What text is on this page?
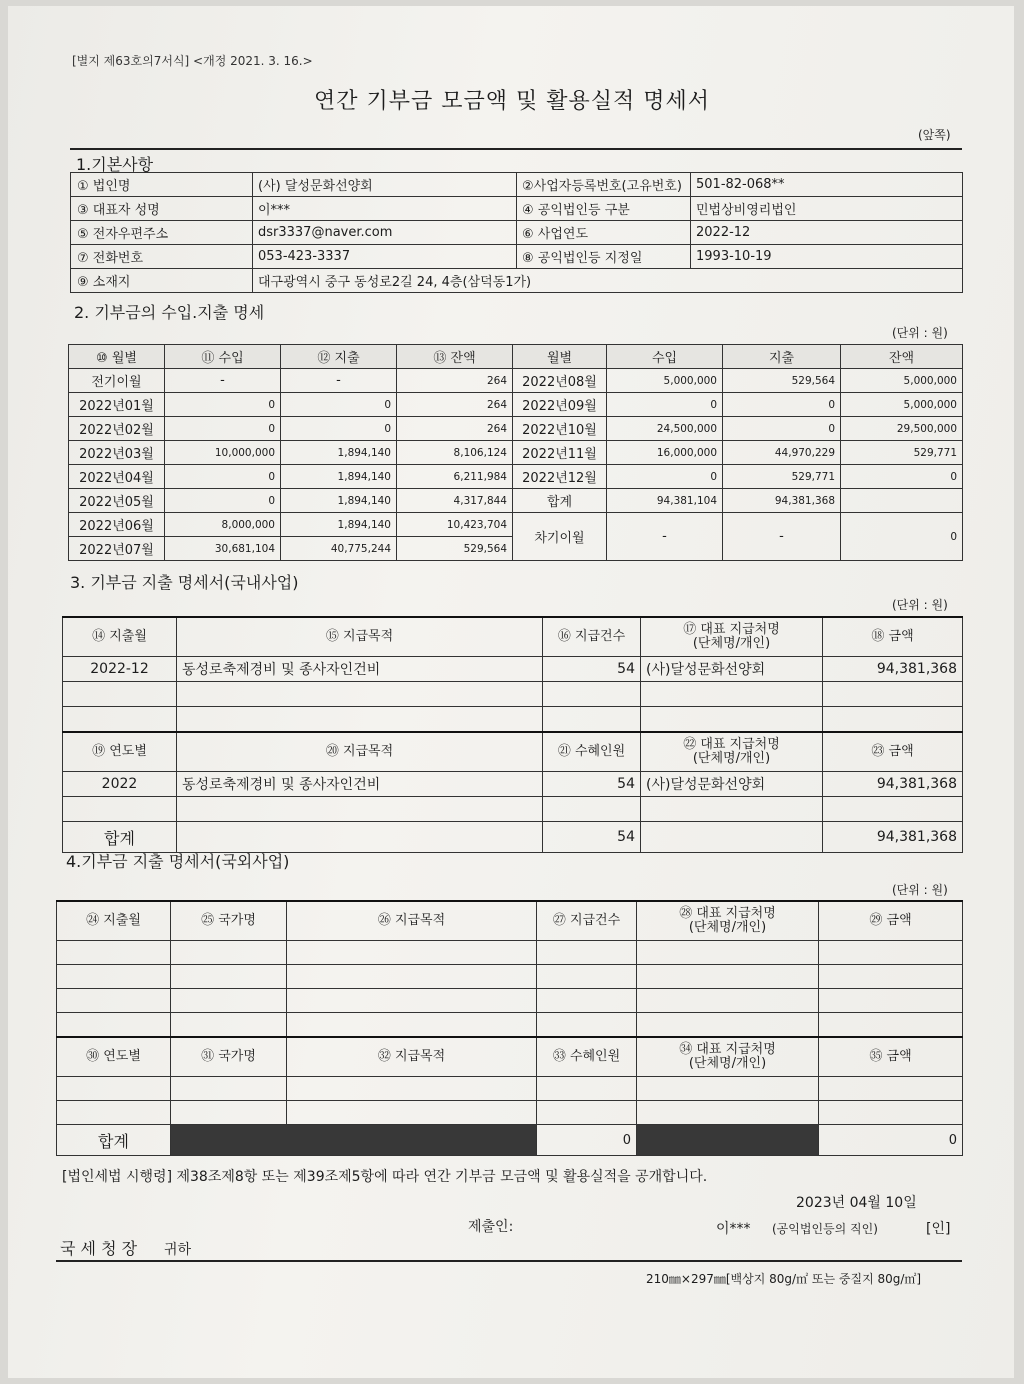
[별지 제63호의7서식] <개정 2021. 3. 16.>
연간 기부금 모금액 및 활용실적 명세서
(앞쪽)
1.기본사항
① 법인명	(사) 달성문화선양회	②사업자등록번호(고유번호)	501-82-068**
③ 대표자 성명	이***	④ 공익법인등 구분	민법상비영리법인
⑤ 전자우편주소	dsr3337@naver.com	⑥ 사업연도	2022-12
⑦ 전화번호	053-423-3337	⑧ 공익법인등 지정일	1993-10-19
⑨ 소재지	대구광역시 중구 동성로2길 24, 4층(삼덕동1가)		
2. 기부금의 수입.지출 명세
(단위 : 원)
⑩ 월별	⑪ 수입	⑫ 지출	⑬ 잔액	월별	수입	지출	잔액
전기이월	-	-	264	2022년08월	5,000,000	529,564	5,000,000
2022년01월	0	0	264	2022년09월	0	0	5,000,000
2022년02월	0	0	264	2022년10월	24,500,000	0	29,500,000
2022년03월	10,000,000	1,894,140	8,106,124	2022년11월	16,000,000	44,970,229	529,771
2022년04월	0	1,894,140	6,211,984	2022년12월	0	529,771	0
2022년05월	0	1,894,140	4,317,844	합계	94,381,104	94,381,368	
2022년06월	8,000,000	1,894,140	10,423,704	차기이월	-	-	0
2022년07월	30,681,104	40,775,244	529,564				
3. 기부금 지출 명세서(국내사업)
(단위 : 원)
⑭ 지출월	⑮ 지급목적	⑯ 지급건수	⑰ 대표 지급처명
(단체명/개인)	⑱ 금액
2022-12	동성로축제경비 및 종사자인건비	54	(사)달성문화선양회	94,381,368

⑲ 연도별	⑳ 지급목적	㉑ 수혜인원	㉒ 대표 지급처명
(단체명/개인)	㉓ 금액
2022	동성로축제경비 및 종사자인건비	54	(사)달성문화선양회	94,381,368

합계		54		94,381,368
4.기부금 지출 명세서(국외사업)
(단위 : 원)
㉔ 지출월	㉕ 국가명	㉖ 지급목적	㉗ 지급건수	㉘ 대표 지급처명
(단체명/개인)	㉙ 금액

㉚ 연도별	㉛ 국가명	㉜ 지급목적	㉝ 수혜인원	㉞ 대표 지급처명
(단체명/개인)	㉟ 금액

합계			0		0
[법인세법 시행령] 제38조제8항 또는 제39조제5항에 따라 연간 기부금 모금액 및 활용실적을 공개합니다.
2023년 04월 10일
제출인:	이*** (공익법인등의 직인)	[인]
국 세 청 장 귀하
210㎜×297㎜[백상지 80g/㎡ 또는 중질지 80g/㎡]
